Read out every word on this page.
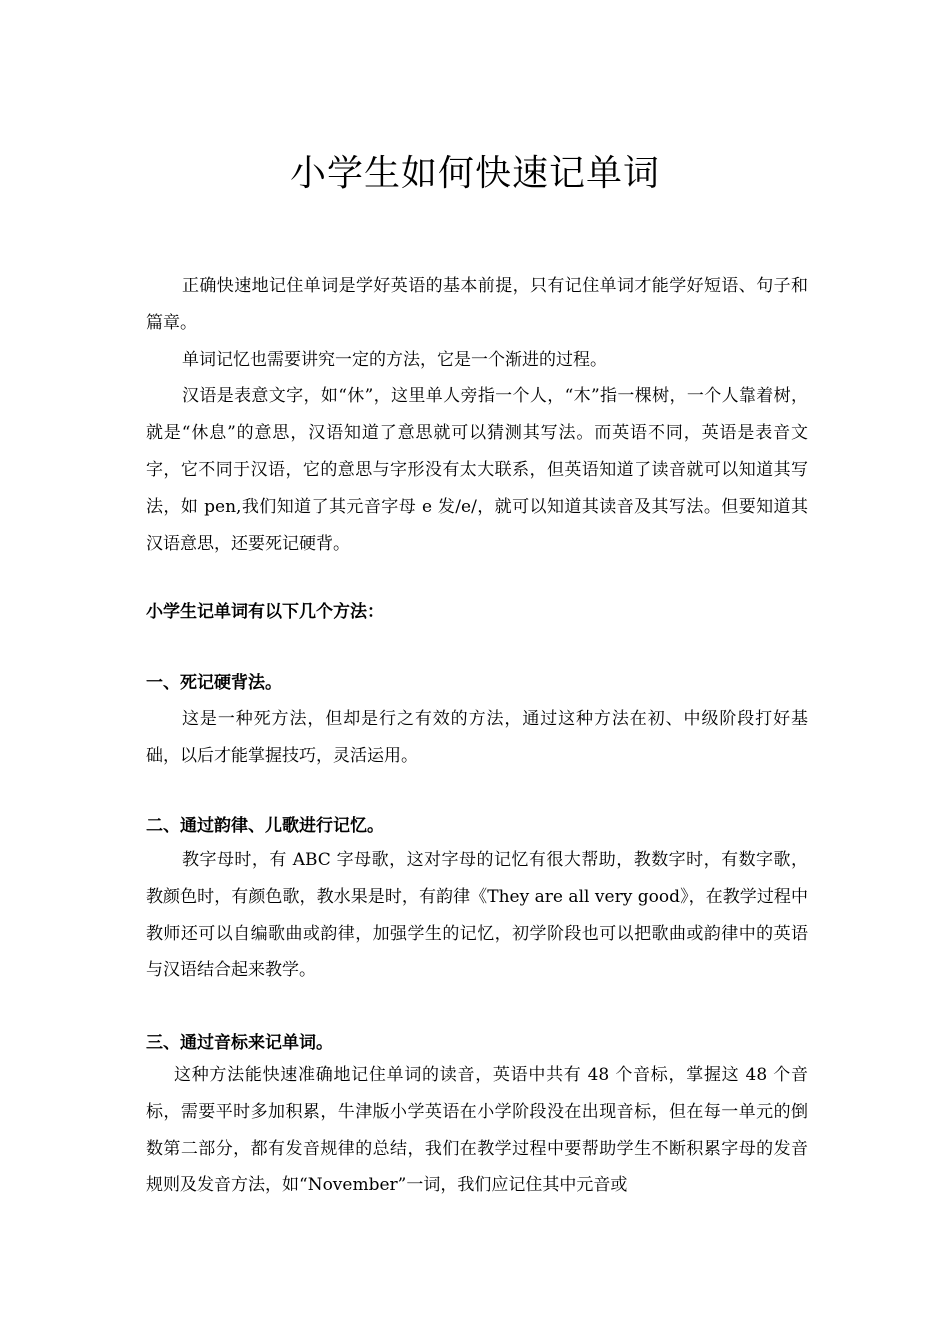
小学生如何快速记单词

正确快速地记住单词是学好英语的基本前提，只有记住单词才能学好短语、句子和篇章。

单词记忆也需要讲究一定的方法，它是一个渐进的过程。

汉语是表意文字，如“休”，这里单人旁指一个人，“木”指一棵树，一个人靠着树，就是“休息”的意思，汉语知道了意思就可以猜测其写法。而英语不同，英语是表音文字，它不同于汉语，它的意思与字形没有太大联系，但英语知道了读音就可以知道其写法，如 pen,我们知道了其元音字母 e 发/e/，就可以知道其读音及其写法。但要知道其汉语意思，还要死记硬背。

小学生记单词有以下几个方法：
一、死记硬背法。

这是一种死方法，但却是行之有效的方法，通过这种方法在初、中级阶段打好基础，以后才能掌握技巧，灵活运用。

二、通过韵律、儿歌进行记忆。

教字母时，有 ABC 字母歌，这对字母的记忆有很大帮助，教数字时，有数字歌，教颜色时，有颜色歌，教水果是时，有韵律《They are all very good》，在教学过程中教师还可以自编歌曲或韵律，加强学生的记忆，初学阶段也可以把歌曲或韵律中的英语与汉语结合起来教学。

三、通过音标来记单词。

这种方法能快速准确地记住单词的读音，英语中共有 48 个音标，掌握这 48 个音标，需要平时多加积累，牛津版小学英语在小学阶段没在出现音标，但在每一单元的倒数第二部分，都有发音规律的总结，我们在教学过程中要帮助学生不断积累字母的发音规则及发音方法，如“November”一词，我们应记住其中元音或
